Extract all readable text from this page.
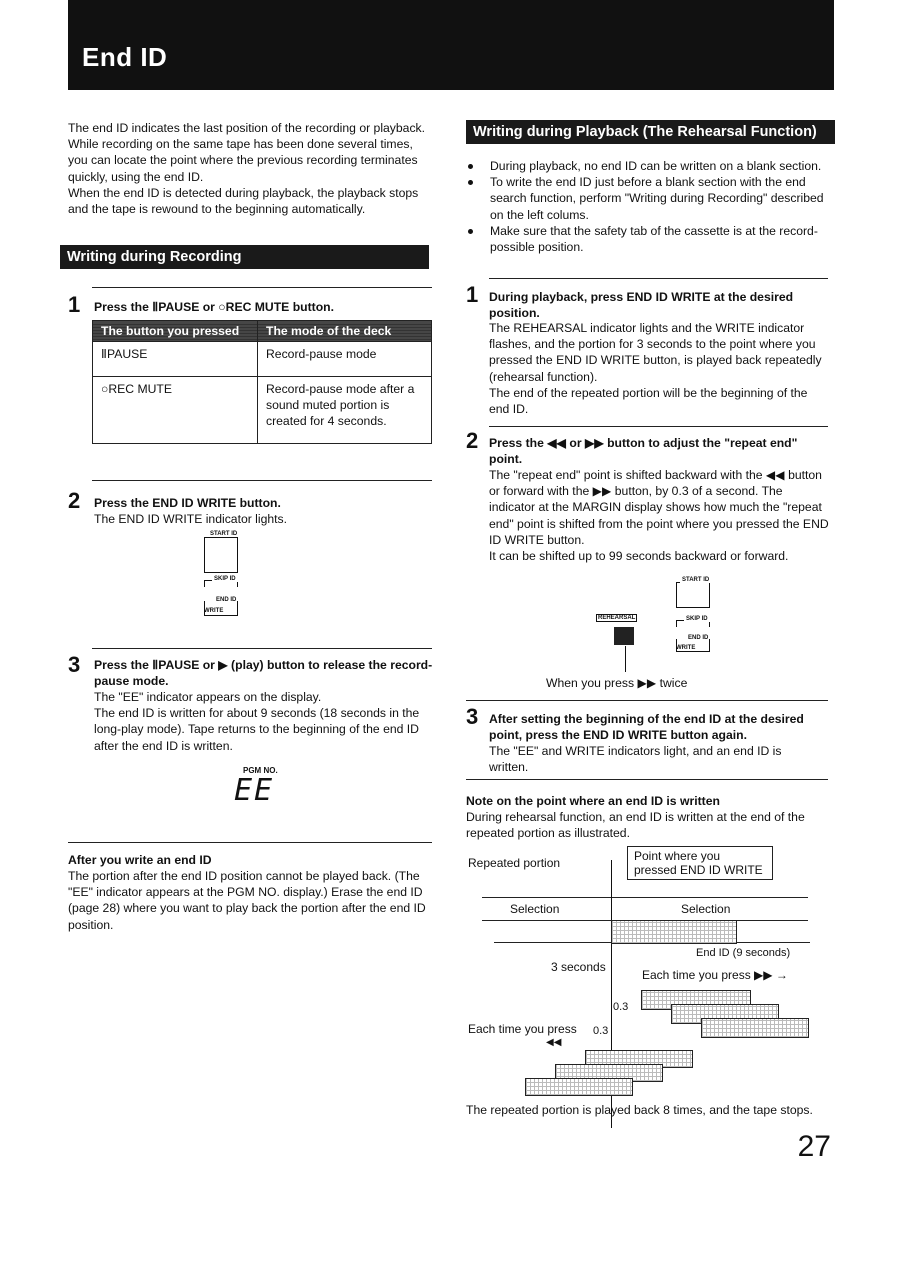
End ID

The end ID indicates the last position of the recording or playback. While recording on the same tape has been done several times, you can locate the point where the previous recording terminates quickly, using the end ID.
When the end ID is detected during playback, the playback stops and the tape is rewound to the beginning automatically.

Writing during Recording
1 Press the ⅡPAUSE or ○REC MUTE button.

The button you pressed	The mode of the deck
ⅡPAUSE	Record-pause mode
○REC MUTE	Record-pause mode after a sound muted portion is created for 4 seconds.
2 Press the END ID WRITE button.

The END ID WRITE indicator lights.

START ID
SKIP ID
END ID
WRITE
3 Press the ⅡPAUSE or ▶ (play) button to release the record-pause mode.

The "EE" indicator appears on the display.
The end ID is written for about 9 seconds (18 seconds in the long-play mode). Tape returns to the beginning of the end ID after the end ID is written.

PGM NO.
EE

After you write an end ID

The portion after the end ID position cannot be played back. (The "EE" indicator appears at the PGM NO. display.) Erase the end ID (page 28) where you want to play back the portion after the end ID position.

Writing during Playback (The Rehearsal Function)
During playback, no end ID can be written on a blank section.
To write the end ID just before a blank section with the end search function, perform "Writing during Recording" described on the left colums.
Make sure that the safety tab of the cassette is at the record-possible position.
1 During playback, press END ID WRITE at the desired position.

The REHEARSAL indicator lights and the WRITE indicator flashes, and the portion for 3 seconds to the point where you pressed the END ID WRITE button, is played back repeatedly (rehearsal function).
The end of the repeated portion will be the beginning of the end ID.

2 Press the ◀◀ or ▶▶ button to adjust the "repeat end" point.

The "repeat end" point is shifted backward with the ◀◀ button or forward with the ▶▶ button, by 0.3 of a second. The indicator at the MARGIN display shows how much the "repeat end" point is shifted from the point where you pressed the END ID WRITE button.
It can be shifted up to 99 seconds backward or forward.

START ID
SKIP ID
END ID
WRITE
REHEARSAL
When you press ▶▶ twice
3 After setting the beginning of the end ID at the desired point, press the END ID WRITE button again.

The "EE" and WRITE indicators light, and an end ID is written.

Note on the point where an end ID is written

During rehearsal function, an end ID is written at the end of the repeated portion as illustrated.

Repeated portion	Point where you pressed END ID WRITE
Selection	Selection
End ID (9 seconds)
3 seconds
Each time you press ▶▶ →
0.3
Each time you press 0.3
◀◀

The repeated portion is played back 8 times, and the tape stops.

27
